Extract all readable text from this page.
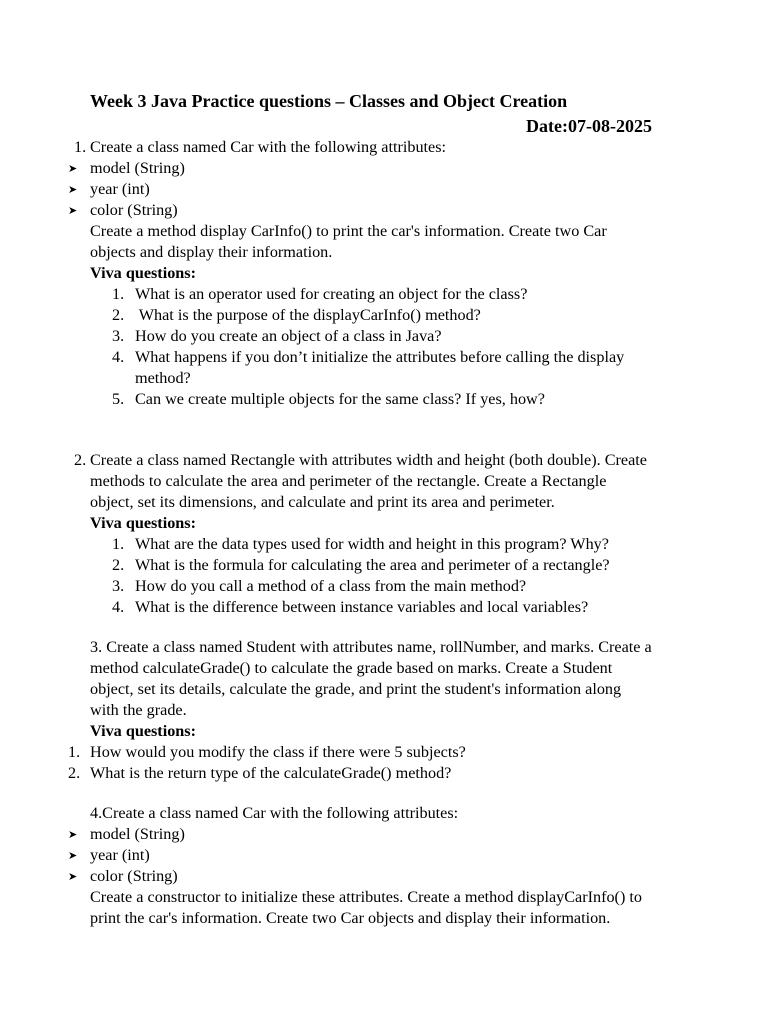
Week 3 Java Practice questions – Classes and Object Creation
Date:07-08-2025
1. Create a class named Car with the following attributes:
➤ model (String)
➤ year (int)
➤ color (String)
Create a method display CarInfo() to print the car's information. Create two Car
objects and display their information.
Viva questions:
1. What is an operator used for creating an object for the class?
2. What is the purpose of the displayCarInfo() method?
3. How do you create an object of a class in Java?
4. What happens if you don’t initialize the attributes before calling the display
method?
5. Can we create multiple objects for the same class? If yes, how?
2. Create a class named Rectangle with attributes width and height (both double). Create
methods to calculate the area and perimeter of the rectangle. Create a Rectangle
object, set its dimensions, and calculate and print its area and perimeter.
Viva questions:
1. What are the data types used for width and height in this program? Why?
2. What is the formula for calculating the area and perimeter of a rectangle?
3. How do you call a method of a class from the main method?
4. What is the difference between instance variables and local variables?
3. Create a class named Student with attributes name, rollNumber, and marks. Create a
method calculateGrade() to calculate the grade based on marks. Create a Student
object, set its details, calculate the grade, and print the student's information along
with the grade.
Viva questions:
1. How would you modify the class if there were 5 subjects?
2. What is the return type of the calculateGrade() method?
4.Create a class named Car with the following attributes:
➤ model (String)
➤ year (int)
➤ color (String)
Create a constructor to initialize these attributes. Create a method displayCarInfo() to
print the car's information. Create two Car objects and display their information.
